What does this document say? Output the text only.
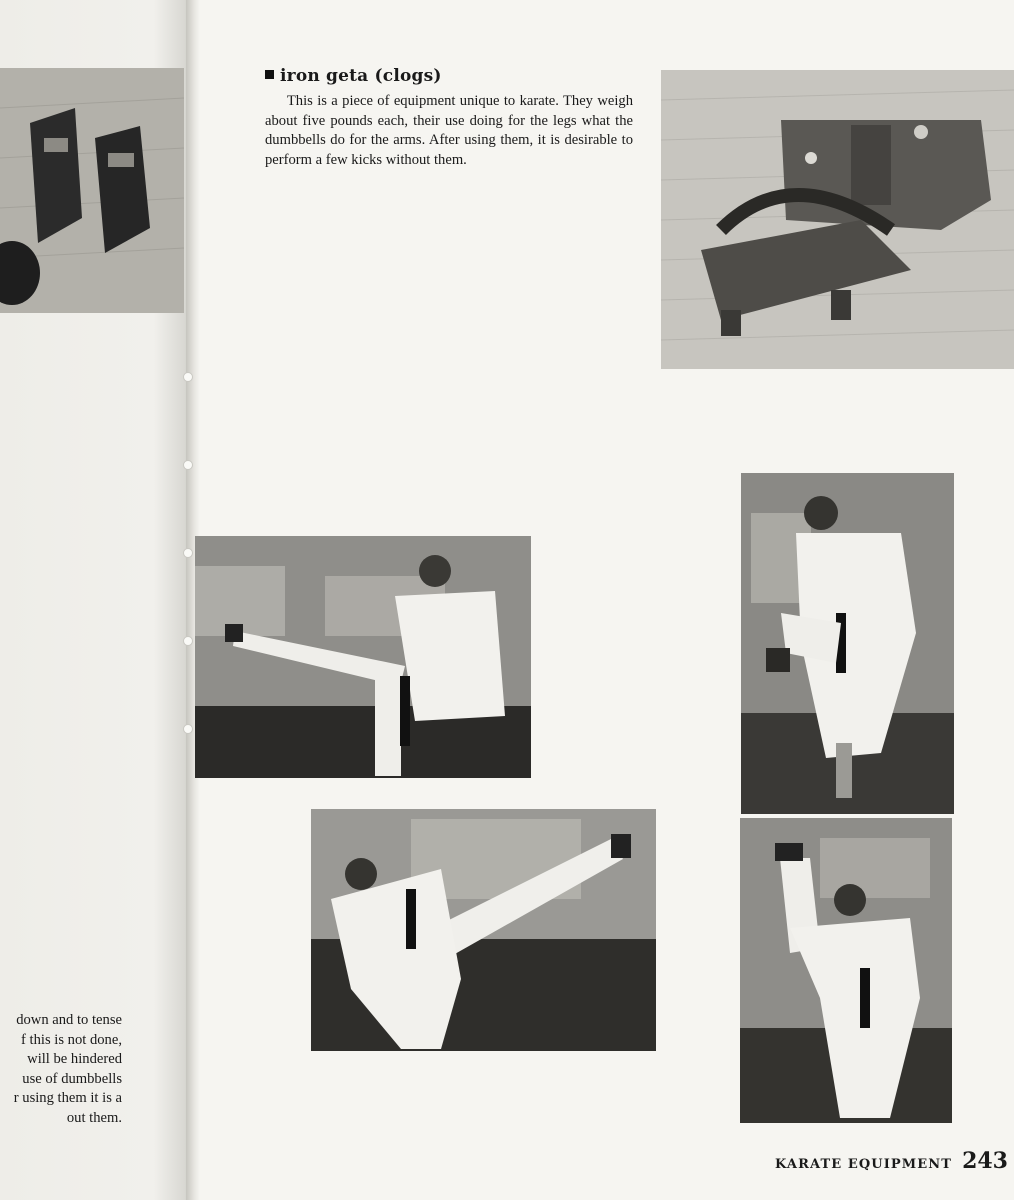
iron geta (clogs)

This is a piece of equipment unique to karate. They weigh about five pounds each, their use doing for the legs what the dumbbells do for the arms. After using them, it is desirable to perform a few kicks without them.

down and to tense
f this is not done,
will be hindered
use of dumbbells
r using them it is a
out them.
KARATE EQUIPMENT 243
